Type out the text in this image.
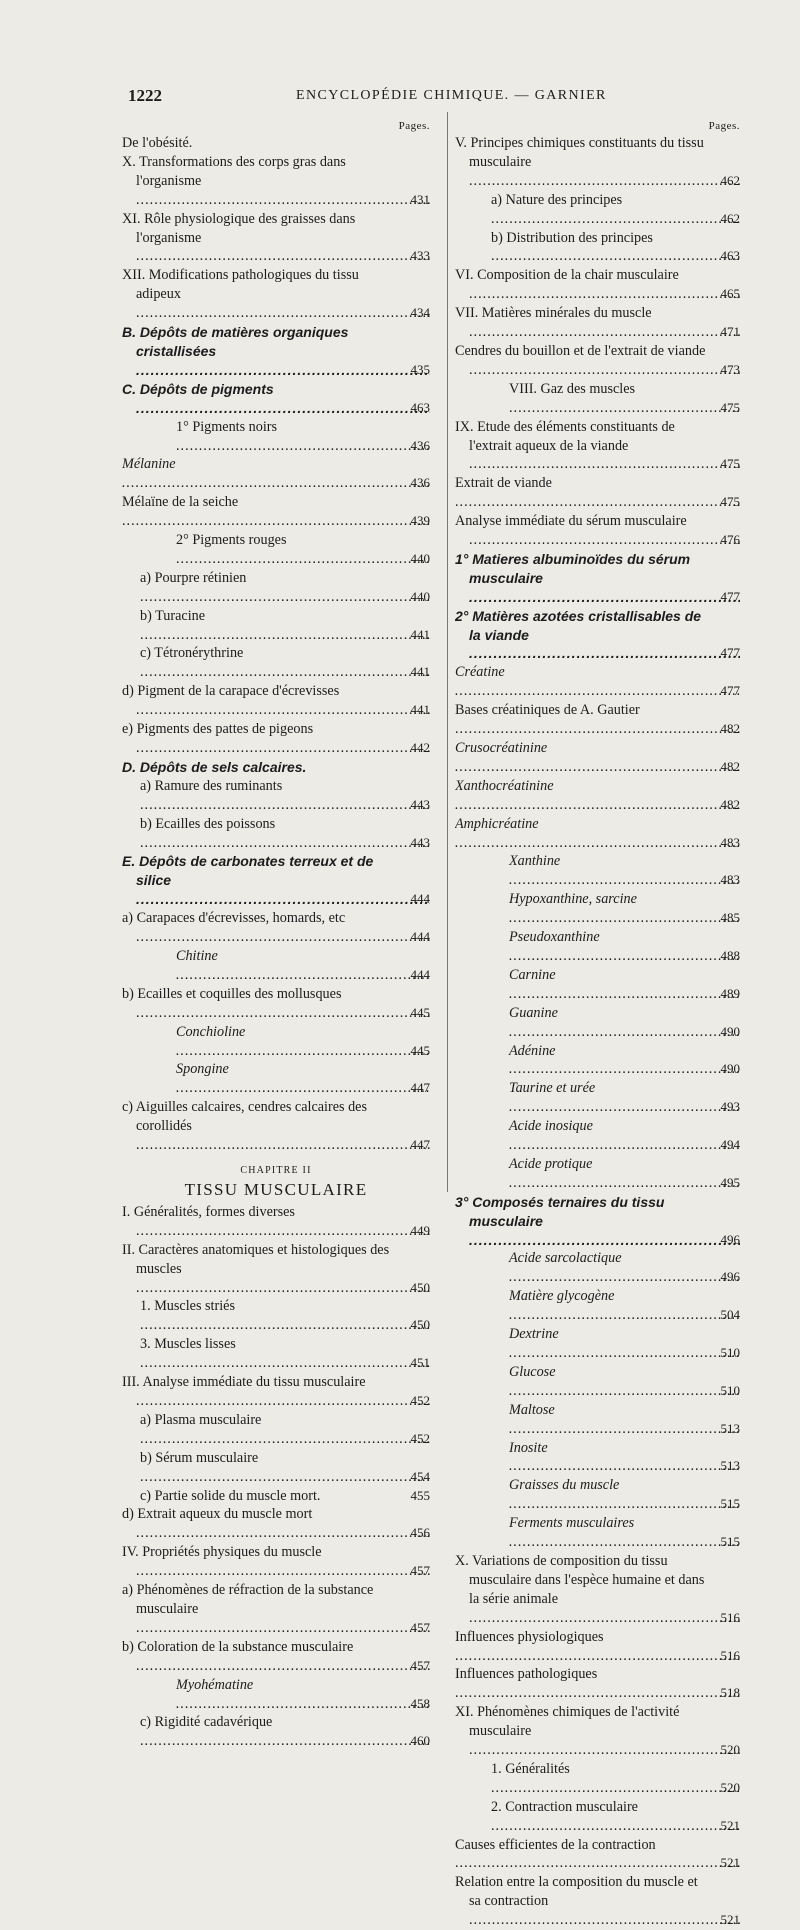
1222	ENCYCLOPÉDIE CHIMIQUE. — GARNIER
Pages.
De l'obésité.
X. Transformations des corps gras dans l'organisme .....
431
XI. Rôle physiologique des graisses dans l'organisme .....
433
XII. Modifications pathologiques du tissu adipeux .....
434
B. Dépôts de matières organiques cristallisées .....
435
C. Dépôts de pigments .....
463
1° Pigments noirs .....
436
Mélanine .....
436
Mélaïne de la seiche .....
439
2° Pigments rouges .....
440
a) Pourpre rétinien .....
440
b) Turacine .....
441
c) Tétronérythrine .....
441
d) Pigment de la carapace d'écrevisses .....
441
e) Pigments des pattes de pigeons .....
442
D. Dépôts de sels calcaires.
a) Ramure des ruminants .....
443
b) Ecailles des poissons .....
443
E. Dépôts de carbonates terreux et de silice .....
444
a) Carapaces d'écrevisses, homards, etc .....
444
Chitine .....
444
b) Ecailles et coquilles des mollusques .....
445
Conchioline .....
445
Spongine .....
447
c) Aiguilles calcaires, cendres calcaires des corollidés .....
447
CHAPITRE II
TISSU MUSCULAIRE
I. Généralités, formes diverses .....
449
II. Caractères anatomiques et histologiques des muscles .....
450
1. Muscles striés .....
450
3. Muscles lisses .....
451
III. Analyse immédiate du tissu musculaire .....
452
a) Plasma musculaire .....
452
b) Sérum musculaire .....
454
c) Partie solide du muscle mort.	455
d) Extrait aqueux du muscle mort .....
456
IV. Propriétés physiques du muscle .....
457
a) Phénomènes de réfraction de la substance musculaire .....
457
b) Coloration de la substance musculaire .....
457
Myohématine .....
458
c) Rigidité cadavérique .....
460
Pages.
V. Principes chimiques constituants du tissu musculaire .....
462
a) Nature des principes .....
462
b) Distribution des principes .....
463
VI. Composition de la chair musculaire .....
465
VII. Matières minérales du muscle .....
471
Cendres du bouillon et de l'extrait de viande .....
473
VIII. Gaz des muscles .....
475
IX. Etude des éléments constituants de l'extrait aqueux de la viande .....
475
Extrait de viande .....
475
Analyse immédiate du sérum musculaire .....
476
1° Matieres albuminoïdes du sérum musculaire .....
477
2° Matières azotées cristallisables de la viande .....
477
Créatine .....
477
Bases créatiniques de A. Gautier .....
482
Crusocréatinine .....
482
Xanthocréatinine .....
482
Amphicréatine .....
483
Xanthine .....
483
Hypoxanthine, sarcine .....
485
Pseudoxanthine .....
488
Carnine .....
489
Guanine .....
490
Adénine .....
490
Taurine et urée .....
493
Acide inosique .....
494
Acide protique .....
495
3° Composés ternaires du tissu musculaire .....
496
Acide sarcolactique .....
496
Matière glycogène .....
504
Dextrine .....
510
Glucose .....
510
Maltose .....
513
Inosite .....
513
Graisses du muscle .....
515
Ferments musculaires .....
515
X. Variations de composition du tissu musculaire dans l'espèce humaine et dans la série animale .....
516
Influences physiologiques .....
516
Influences pathologiques .....
518
XI. Phénomènes chimiques de l'activité musculaire .....
520
1. Généralités .....
520
2. Contraction musculaire .....
521
Causes efficientes de la contraction .....
521
Relation entre la composition du muscle et sa contraction .....
521
